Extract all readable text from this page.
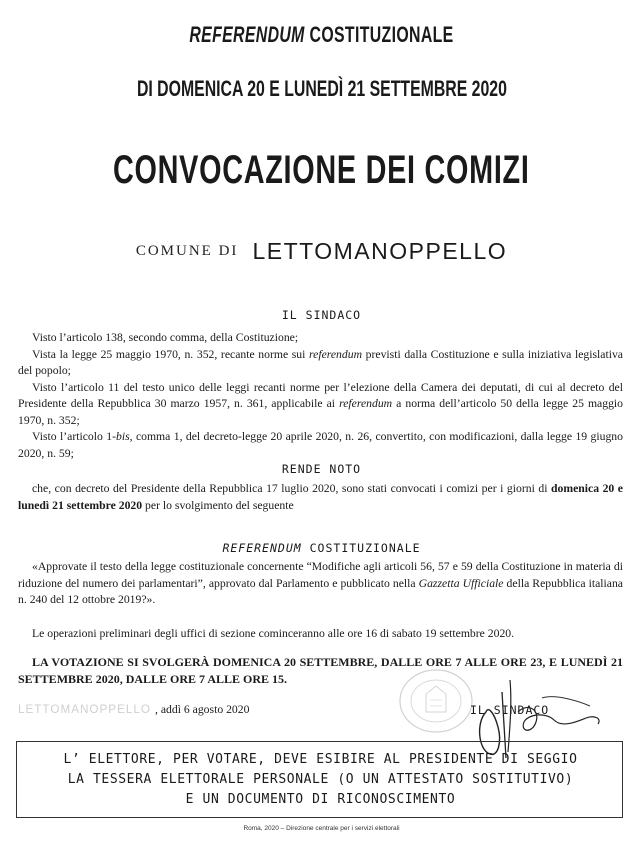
REFERENDUM COSTITUZIONALE
DI DOMENICA 20 E LUNEDÌ 21 SETTEMBRE 2020
CONVOCAZIONE DEI COMIZI
COMUNE DI LETTOMANOPPELLO
IL SINDACO

Visto l’articolo 138, secondo comma, della Costituzione;

Vista la legge 25 maggio 1970, n. 352, recante norme sui referendum previsti dalla Costituzione e sulla iniziativa legislativa del popolo;

Visto l’articolo 11 del testo unico delle leggi recanti norme per l’elezione della Camera dei deputati, di cui al decreto del Presidente della Repubblica 30 marzo 1957, n. 361, applicabile ai referendum a norma dell’articolo 50 della legge 25 maggio 1970, n. 352;

Visto l’articolo 1-bis, comma 1, del decreto-legge 20 aprile 2020, n. 26, convertito, con modificazioni, dalla legge 19 giugno 2020, n. 59;

RENDE NOTO

che, con decreto del Presidente della Repubblica 17 luglio 2020, sono stati convocati i comizi per i giorni di domenica 20 e lunedì 21 settembre 2020 per lo svolgimento del seguente

REFERENDUM COSTITUZIONALE

«Approvate il testo della legge costituzionale concernente “Modifiche agli articoli 56, 57 e 59 della Costituzione in materia di riduzione del numero dei parlamentari”, approvato dal Parlamento e pubblicato nella Gazzetta Ufficiale della Repubblica italiana n. 240 del 12 ottobre 2019?».

Le operazioni preliminari degli uffici di sezione cominceranno alle ore 16 di sabato 19 settembre 2020.

LA VOTAZIONE SI SVOLGERÀ DOMENICA 20 SETTEMBRE, DALLE ORE 7 ALLE ORE 23, E LUNEDÌ 21 SETTEMBRE 2020, DALLE ORE 7 ALLE ORE 15.

LETTOMANOPPELLO , addì 6 agosto 2020	IL SINDACO
L’ ELETTORE, PER VOTARE, DEVE ESIBIRE AL PRESIDENTE DI SEGGIO
LA TESSERA ELETTORALE PERSONALE (O UN ATTESTATO SOSTITUTIVO)
E UN DOCUMENTO DI RICONOSCIMENTO
Roma, 2020 – Direzione centrale per i servizi elettorali
